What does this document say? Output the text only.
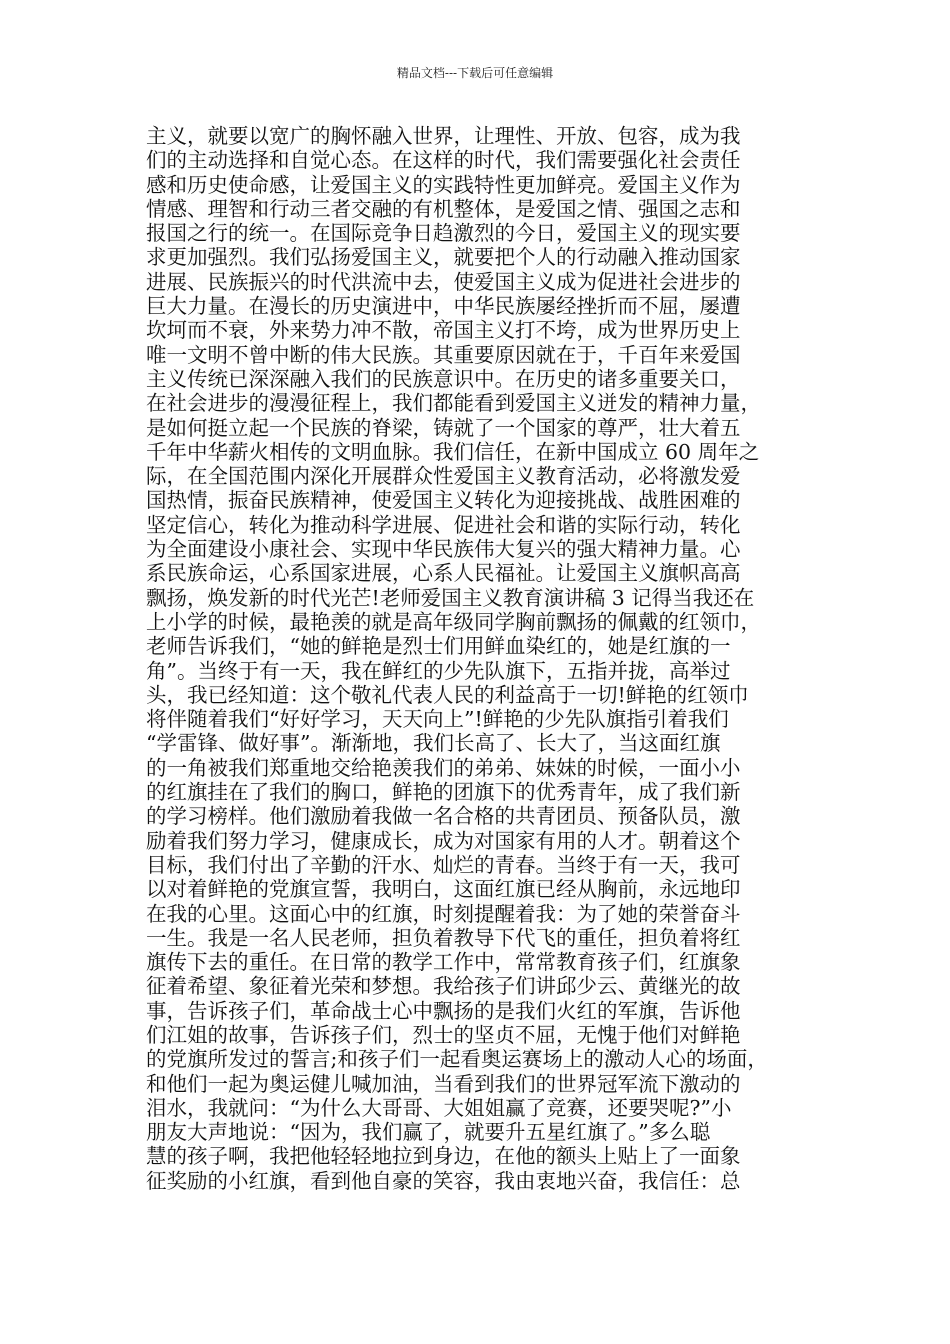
精品文档---下载后可任意编辑
主义，就要以宽广的胸怀融入世界，让理性、开放、包容，成为我
们的主动选择和自觉心态。在这样的时代，我们需要强化社会责任
感和历史使命感，让爱国主义的实践特性更加鲜亮。爱国主义作为
情感、理智和行动三者交融的有机整体，是爱国之情、强国之志和
报国之行的统一。在国际竞争日趋激烈的今日，爱国主义的现实要
求更加强烈。我们弘扬爱国主义，就要把个人的行动融入推动国家
进展、民族振兴的时代洪流中去，使爱国主义成为促进社会进步的
巨大力量。在漫长的历史演进中，中华民族屡经挫折而不屈，屡遭
坎坷而不衰，外来势力冲不散，帝国主义打不垮，成为世界历史上
唯一文明不曾中断的伟大民族。其重要原因就在于，千百年来爱国
主义传统已深深融入我们的民族意识中。在历史的诸多重要关口，
在社会进步的漫漫征程上，我们都能看到爱国主义迸发的精神力量，
是如何挺立起一个民族的脊梁，铸就了一个国家的尊严，壮大着五
千年中华薪火相传的文明血脉。我们信任，在新中国成立 60 周年之
际，在全国范围内深化开展群众性爱国主义教育活动，必将激发爱
国热情，振奋民族精神，使爱国主义转化为迎接挑战、战胜困难的
坚定信心，转化为推动科学进展、促进社会和谐的实际行动，转化
为全面建设小康社会、实现中华民族伟大复兴的强大精神力量。心
系民族命运，心系国家进展，心系人民福祉。让爱国主义旗帜高高
飘扬，焕发新的时代光芒!老师爱国主义教育演讲稿 3 记得当我还在
上小学的时候，最艳羡的就是高年级同学胸前飘扬的佩戴的红领巾，
老师告诉我们，“她的鲜艳是烈士们用鲜血染红的，她是红旗的一
角”。当终于有一天，我在鲜红的少先队旗下，五指并拢，高举过
头，我已经知道：这个敬礼代表人民的利益高于一切!鲜艳的红领巾
将伴随着我们“好好学习，天天向上”!鲜艳的少先队旗指引着我们
“学雷锋、做好事”。渐渐地，我们长高了、长大了，当这面红旗
的一角被我们郑重地交给艳羡我们的弟弟、妹妹的时候，一面小小
的红旗挂在了我们的胸口，鲜艳的团旗下的优秀青年，成了我们新
的学习榜样。他们激励着我做一名合格的共青团员、预备队员，激
励着我们努力学习，健康成长，成为对国家有用的人才。朝着这个
目标，我们付出了辛勤的汗水、灿烂的青春。当终于有一天，我可
以对着鲜艳的党旗宣誓，我明白，这面红旗已经从胸前，永远地印
在我的心里。这面心中的红旗，时刻提醒着我：为了她的荣誉奋斗
一生。我是一名人民老师，担负着教导下代飞的重任，担负着将红
旗传下去的重任。在日常的教学工作中，常常教育孩子们，红旗象
征着希望、象征着光荣和梦想。我给孩子们讲邱少云、黄继光的故
事，告诉孩子们，革命战士心中飘扬的是我们火红的军旗，告诉他
们江姐的故事，告诉孩子们，烈士的坚贞不屈，无愧于他们对鲜艳
的党旗所发过的誓言;和孩子们一起看奥运赛场上的激动人心的场面，
和他们一起为奥运健儿喊加油，当看到我们的世界冠军流下激动的
泪水，我就问：“为什么大哥哥、大姐姐赢了竞赛，还要哭呢?”小
朋友大声地说：“因为，我们赢了，就要升五星红旗了。”多么聪
慧的孩子啊，我把他轻轻地拉到身边，在他的额头上贴上了一面象
征奖励的小红旗，看到他自豪的笑容，我由衷地兴奋，我信任：总
